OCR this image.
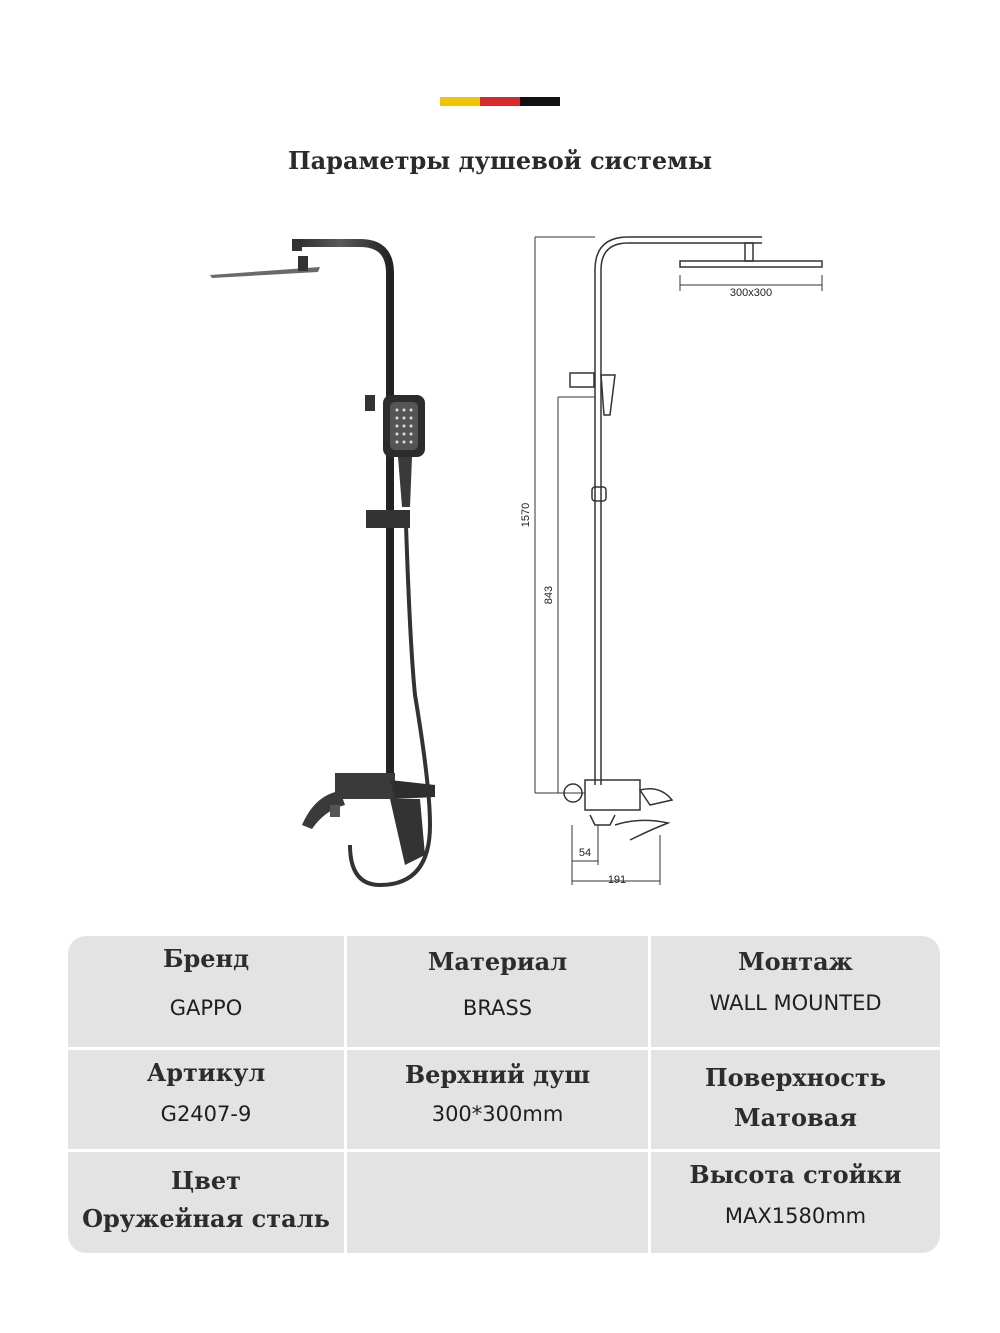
Параметры душевой системы
300x300
1570
843
54
191
Бренд
GAPPO
Материал
BRASS
Монтаж
WALL MOUNTED
Артикул
G2407-9
Верхний душ
300*300mm
Поверхность
Матовая
Цвет
Оружейная сталь
Высота стойки
MAX1580mm
